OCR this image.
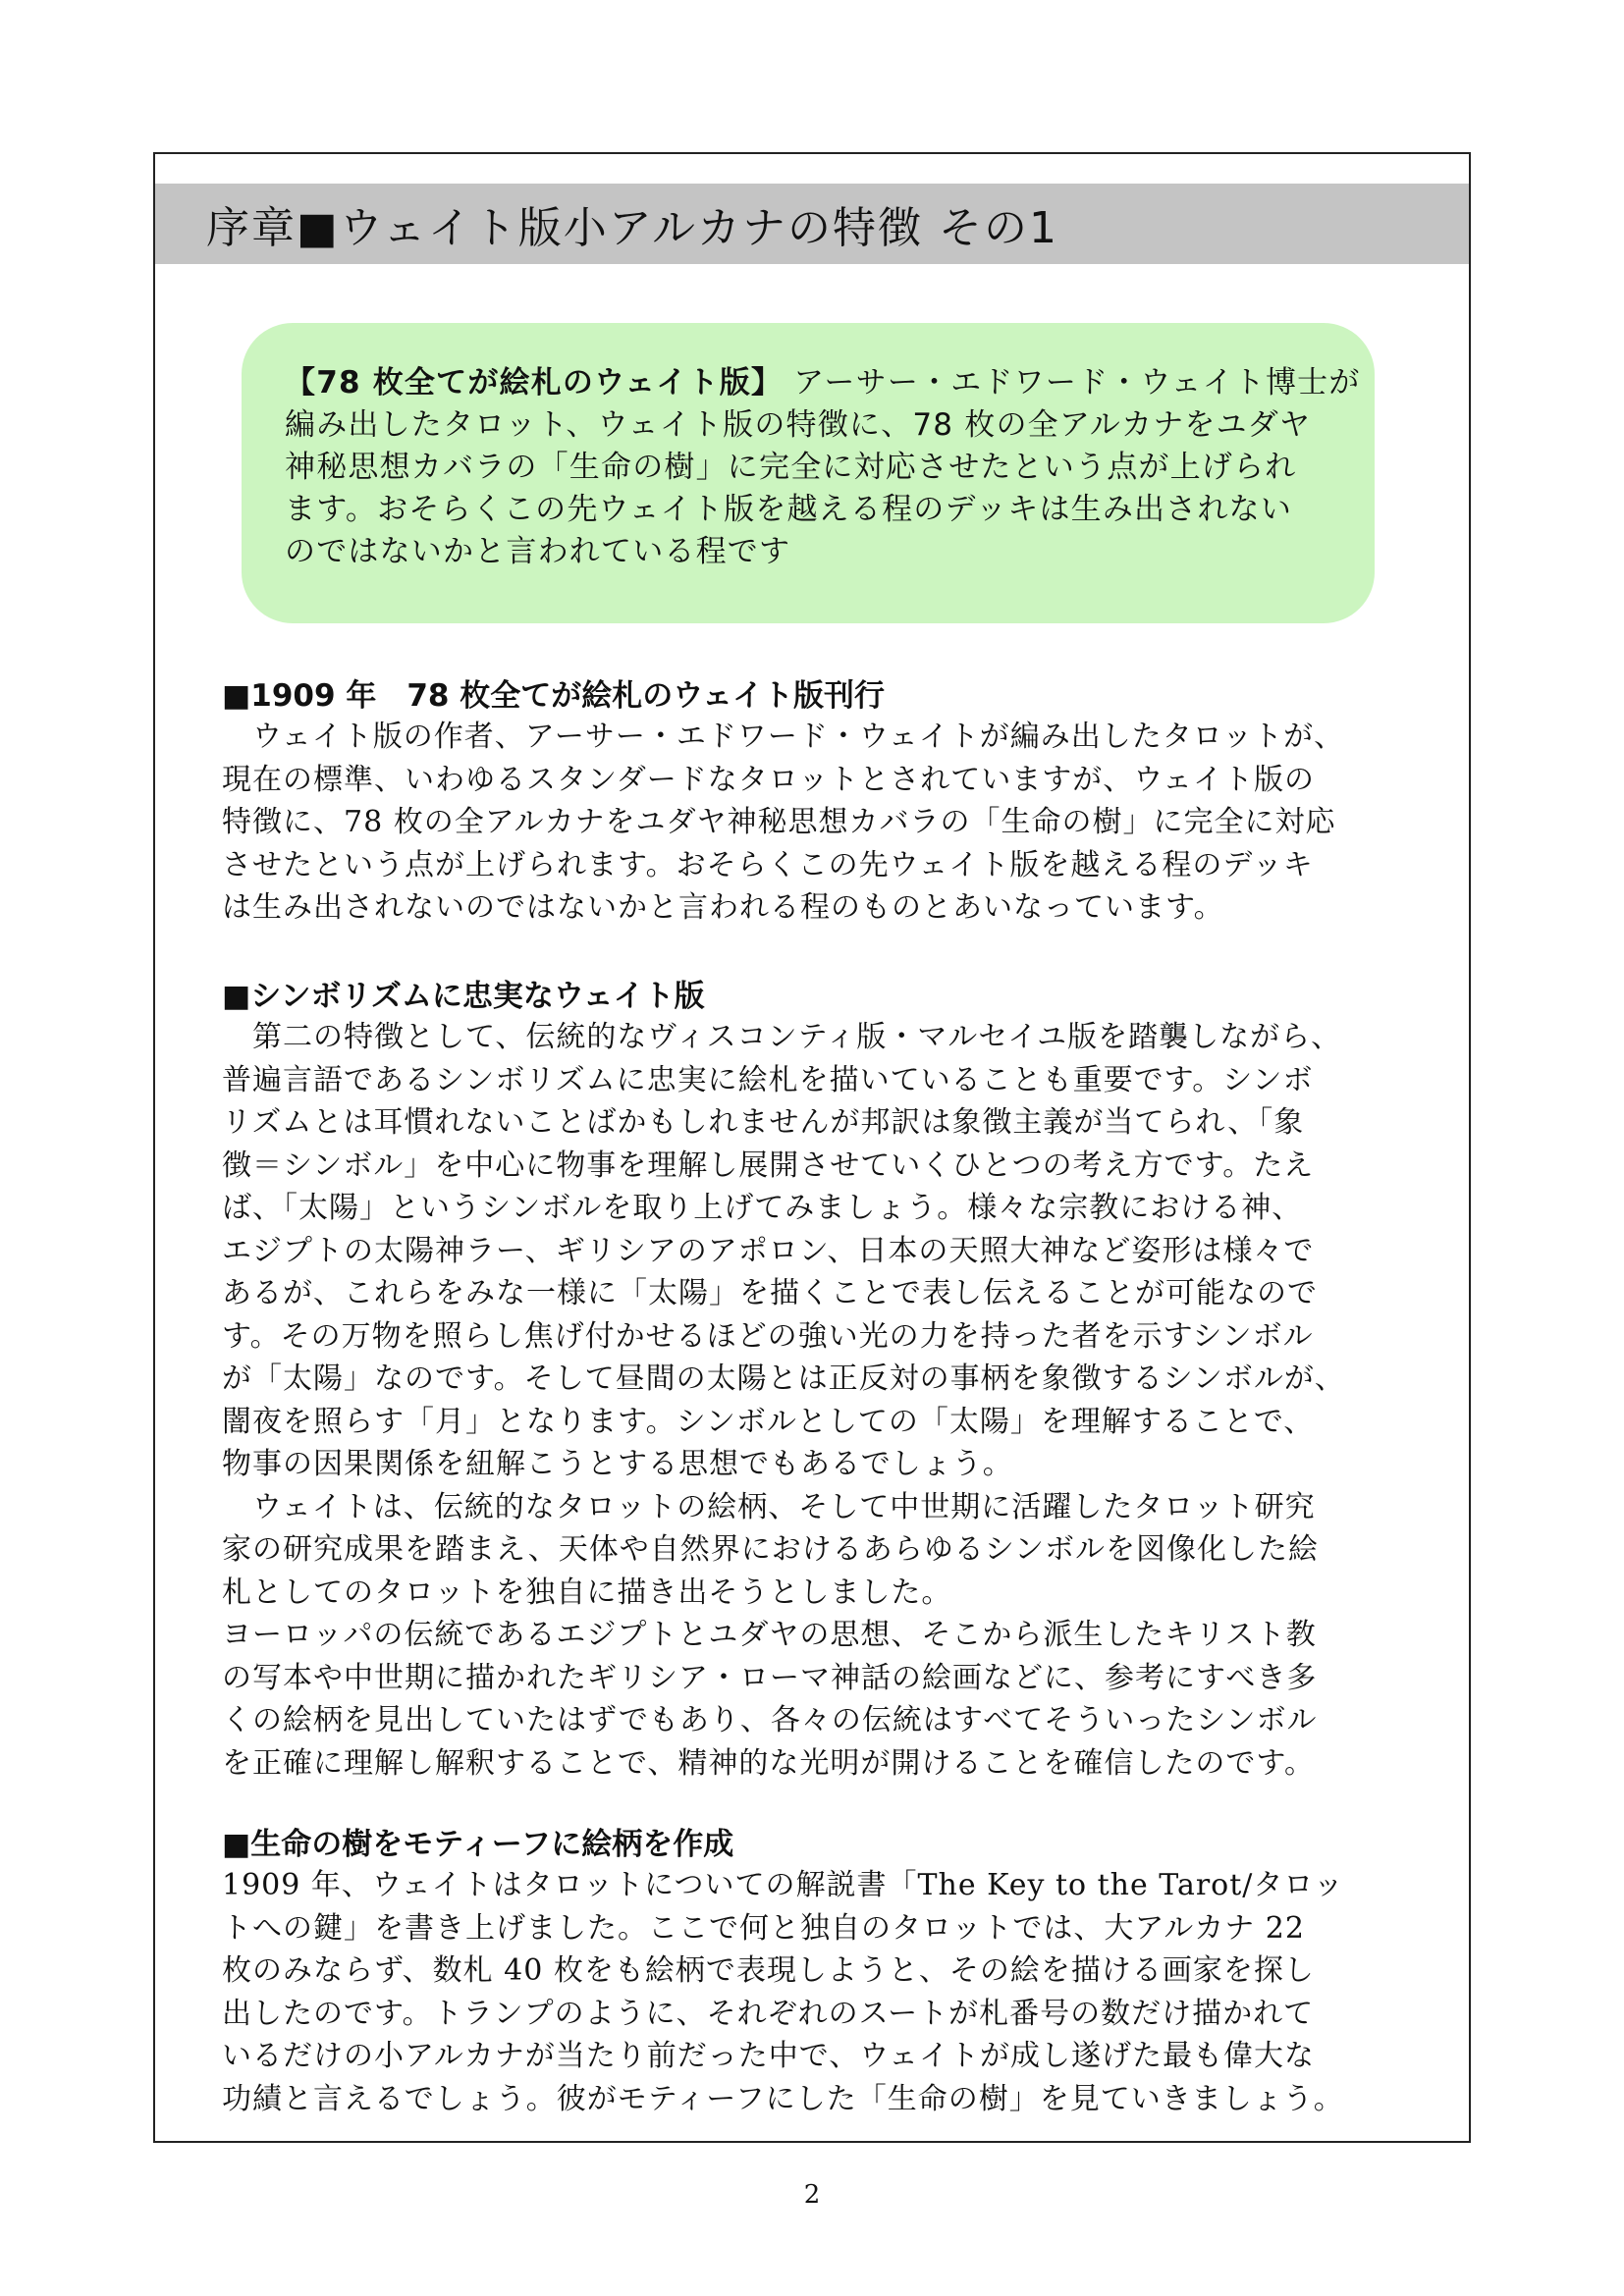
序章■ウェイト版小アルカナの特徴 その1
【78 枚全てが絵札のウェイト版】 アーサー・エドワード・ウェイト博士が
編み出したタロット、ウェイト版の特徴に、78 枚の全アルカナをユダヤ
神秘思想カバラの「生命の樹」に完全に対応させたという点が上げられ
ます。おそらくこの先ウェイト版を越える程のデッキは生み出されない
のではないかと言われている程です
■1909 年　78 枚全てが絵札のウェイト版刊行
　ウェイト版の作者、アーサー・エドワード・ウェイトが編み出したタロットが、
現在の標準、いわゆるスタンダードなタロットとされていますが、ウェイト版の
特徴に、78 枚の全アルカナをユダヤ神秘思想カバラの「生命の樹」に完全に対応
させたという点が上げられます。おそらくこの先ウェイト版を越える程のデッキ
は生み出されないのではないかと言われる程のものとあいなっています。
■シンボリズムに忠実なウェイト版
　第二の特徴として、伝統的なヴィスコンティ版・マルセイユ版を踏襲しながら、
普遍言語であるシンボリズムに忠実に絵札を描いていることも重要です。シンボ
リズムとは耳慣れないことばかもしれませんが邦訳は象徴主義が当てられ、「象
徴＝シンボル」を中心に物事を理解し展開させていくひとつの考え方です。たえ
ば、「太陽」というシンボルを取り上げてみましょう。様々な宗教における神、
エジプトの太陽神ラー、ギリシアのアポロン、日本の天照大神など姿形は様々で
あるが、これらをみな一様に「太陽」を描くことで表し伝えることが可能なので
す。その万物を照らし焦げ付かせるほどの強い光の力を持った者を示すシンボル
が「太陽」なのです。そして昼間の太陽とは正反対の事柄を象徴するシンボルが、
闇夜を照らす「月」となります。シンボルとしての「太陽」を理解することで、
物事の因果関係を紐解こうとする思想でもあるでしょう。
　ウェイトは、伝統的なタロットの絵柄、そして中世期に活躍したタロット研究
家の研究成果を踏まえ、天体や自然界におけるあらゆるシンボルを図像化した絵
札としてのタロットを独自に描き出そうとしました。
ヨーロッパの伝統であるエジプトとユダヤの思想、そこから派生したキリスト教
の写本や中世期に描かれたギリシア・ローマ神話の絵画などに、参考にすべき多
くの絵柄を見出していたはずでもあり、各々の伝統はすべてそういったシンボル
を正確に理解し解釈することで、精神的な光明が開けることを確信したのです。
■生命の樹をモティーフに絵柄を作成
1909 年、ウェイトはタロットについての解説書「The Key to the Tarot/タロッ
トへの鍵」を書き上げました。ここで何と独自のタロットでは、大アルカナ 22
枚のみならず、数札 40 枚をも絵柄で表現しようと、その絵を描ける画家を探し
出したのです。トランプのように、それぞれのスートが札番号の数だけ描かれて
いるだけの小アルカナが当たり前だった中で、ウェイトが成し遂げた最も偉大な
功績と言えるでしょう。彼がモティーフにした「生命の樹」を見ていきましょう。
2
